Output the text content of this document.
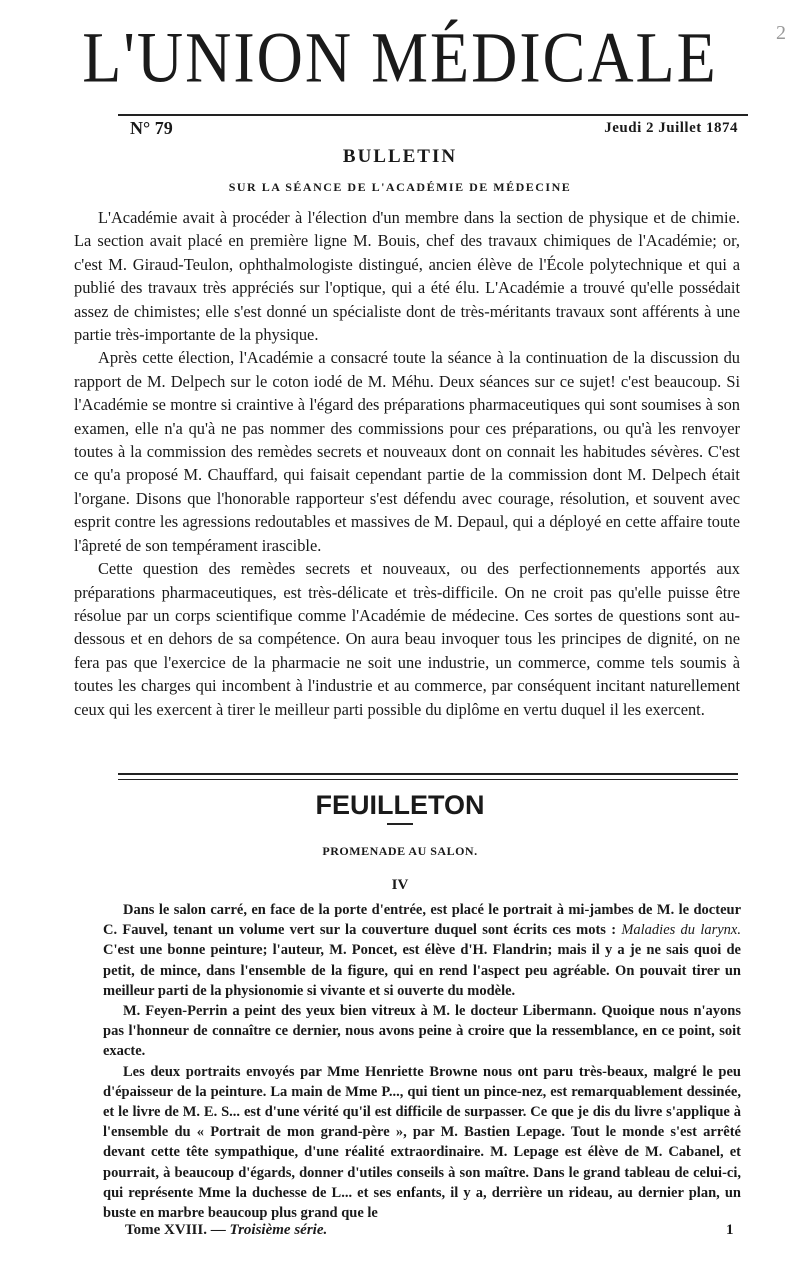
2
L'UNION MÉDICALE
N° 79	Jeudi 2 Juillet 1874
BULLETIN
SUR LA SÉANCE DE L'ACADÉMIE DE MÉDECINE

L'Académie avait à procéder à l'élection d'un membre dans la section de physique et de chimie. La section avait placé en première ligne M. Bouis, chef des travaux chimiques de l'Académie; or, c'est M. Giraud-Teulon, ophthalmologiste distingué, ancien élève de l'École polytechnique et qui a publié des travaux très appréciés sur l'optique, qui a été élu. L'Académie a trouvé qu'elle possédait assez de chimistes; elle s'est donné un spécialiste dont de très-méritants travaux sont afférents à une partie très-importante de la physique.

Après cette élection, l'Académie a consacré toute la séance à la continuation de la discussion du rapport de M. Delpech sur le coton iodé de M. Méhu. Deux séances sur ce sujet! c'est beaucoup. Si l'Académie se montre si craintive à l'égard des préparations pharmaceutiques qui sont soumises à son examen, elle n'a qu'à ne pas nommer des commissions pour ces préparations, ou qu'à les renvoyer toutes à la commission des remèdes secrets et nouveaux dont on connait les habitudes sévères. C'est ce qu'a proposé M. Chauffard, qui faisait cependant partie de la commission dont M. Delpech était l'organe. Disons que l'honorable rapporteur s'est défendu avec courage, résolution, et souvent avec esprit contre les agressions redoutables et massives de M. Depaul, qui a déployé en cette affaire toute l'âpreté de son tempérament irascible.

Cette question des remèdes secrets et nouveaux, ou des perfectionnements apportés aux préparations pharmaceutiques, est très-délicate et très-difficile. On ne croit pas qu'elle puisse être résolue par un corps scientifique comme l'Académie de médecine. Ces sortes de questions sont au-dessous et en dehors de sa compétence. On aura beau invoquer tous les principes de dignité, on ne fera pas que l'exercice de la pharmacie ne soit une industrie, un commerce, comme tels soumis à toutes les charges qui incombent à l'industrie et au commerce, par conséquent incitant naturellement ceux qui les exercent à tirer le meilleur parti possible du diplôme en vertu duquel il les exercent.

FEUILLETON
PROMENADE AU SALON.
IV

Dans le salon carré, en face de la porte d'entrée, est placé le portrait à mi-jambes de M. le docteur C. Fauvel, tenant un volume vert sur la couverture duquel sont écrits ces mots : Maladies du larynx. C'est une bonne peinture; l'auteur, M. Poncet, est élève d'H. Flandrin; mais il y a je ne sais quoi de petit, de mince, dans l'ensemble de la figure, qui en rend l'aspect peu agréable. On pouvait tirer un meilleur parti de la physionomie si vivante et si ouverte du modèle.

M. Feyen-Perrin a peint des yeux bien vitreux à M. le docteur Libermann. Quoique nous n'ayons pas l'honneur de connaître ce dernier, nous avons peine à croire que la ressemblance, en ce point, soit exacte.

Les deux portraits envoyés par Mme Henriette Browne nous ont paru très-beaux, malgré le peu d'épaisseur de la peinture. La main de Mme P..., qui tient un pince-nez, est remarquablement dessinée, et le livre de M. E. S... est d'une vérité qu'il est difficile de surpasser. Ce que je dis du livre s'applique à l'ensemble du « Portrait de mon grand-père », par M. Bastien Lepage. Tout le monde s'est arrêté devant cette tête sympathique, d'une réalité extraordinaire. M. Lepage est élève de M. Cabanel, et pourrait, à beaucoup d'égards, donner d'utiles conseils à son maître. Dans le grand tableau de celui-ci, qui représente Mme la duchesse de L... et ses enfants, il y a, derrière un rideau, au dernier plan, un buste en marbre beaucoup plus grand que le

Tome XVIII. — Troisième série.	1
